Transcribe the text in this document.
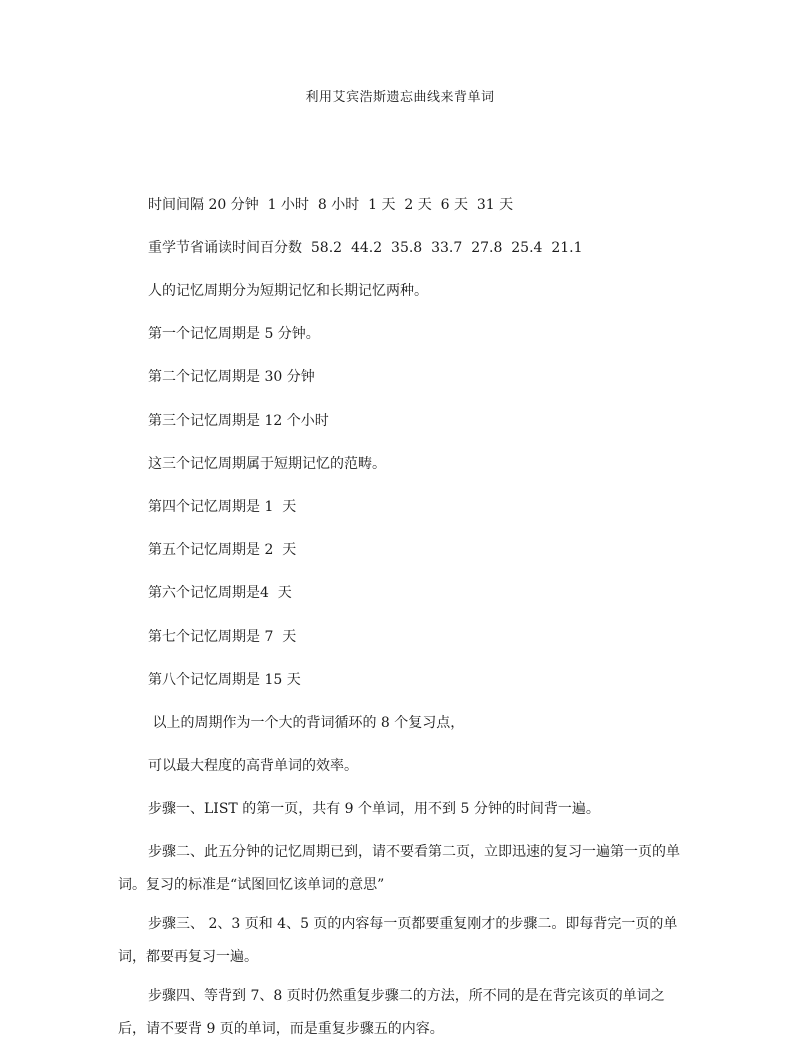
利用艾宾浩斯遗忘曲线来背单词
时间间隔 20 分钟  1 小时  8 小时  1 天  2 天  6 天  31 天
重学节省诵读时间百分数  58.2  44.2  35.8  33.7  27.8  25.4  21.1
人的记忆周期分为短期记忆和长期记忆两种。
第一个记忆周期是 5 分钟。
第二个记忆周期是 30 分钟
第三个记忆周期是 12 个小时
这三个记忆周期属于短期记忆的范畴。
第四个记忆周期是 1  天
第五个记忆周期是 2  天
第六个记忆周期是4  天
第七个记忆周期是 7  天
第八个记忆周期是 15 天
以上的周期作为一个大的背词循环的 8 个复习点，
可以最大程度的高背单词的效率。
步骤一、LIST 的第一页，共有 9 个单词，用不到 5 分钟的时间背一遍。
步骤二、此五分钟的记忆周期已到，请不要看第二页，立即迅速的复习一遍第一页的单词。复习的标准是“试图回忆该单词的意思”
步骤三、 2、3 页和 4、5 页的内容每一页都要重复刚才的步骤二。即每背完一页的单词，都要再复习一遍。
步骤四、等背到 7、8 页时仍然重复步骤二的方法，所不同的是在背完该页的单词之后，请不要背 9 页的单词，而是重复步骤五的内容。
